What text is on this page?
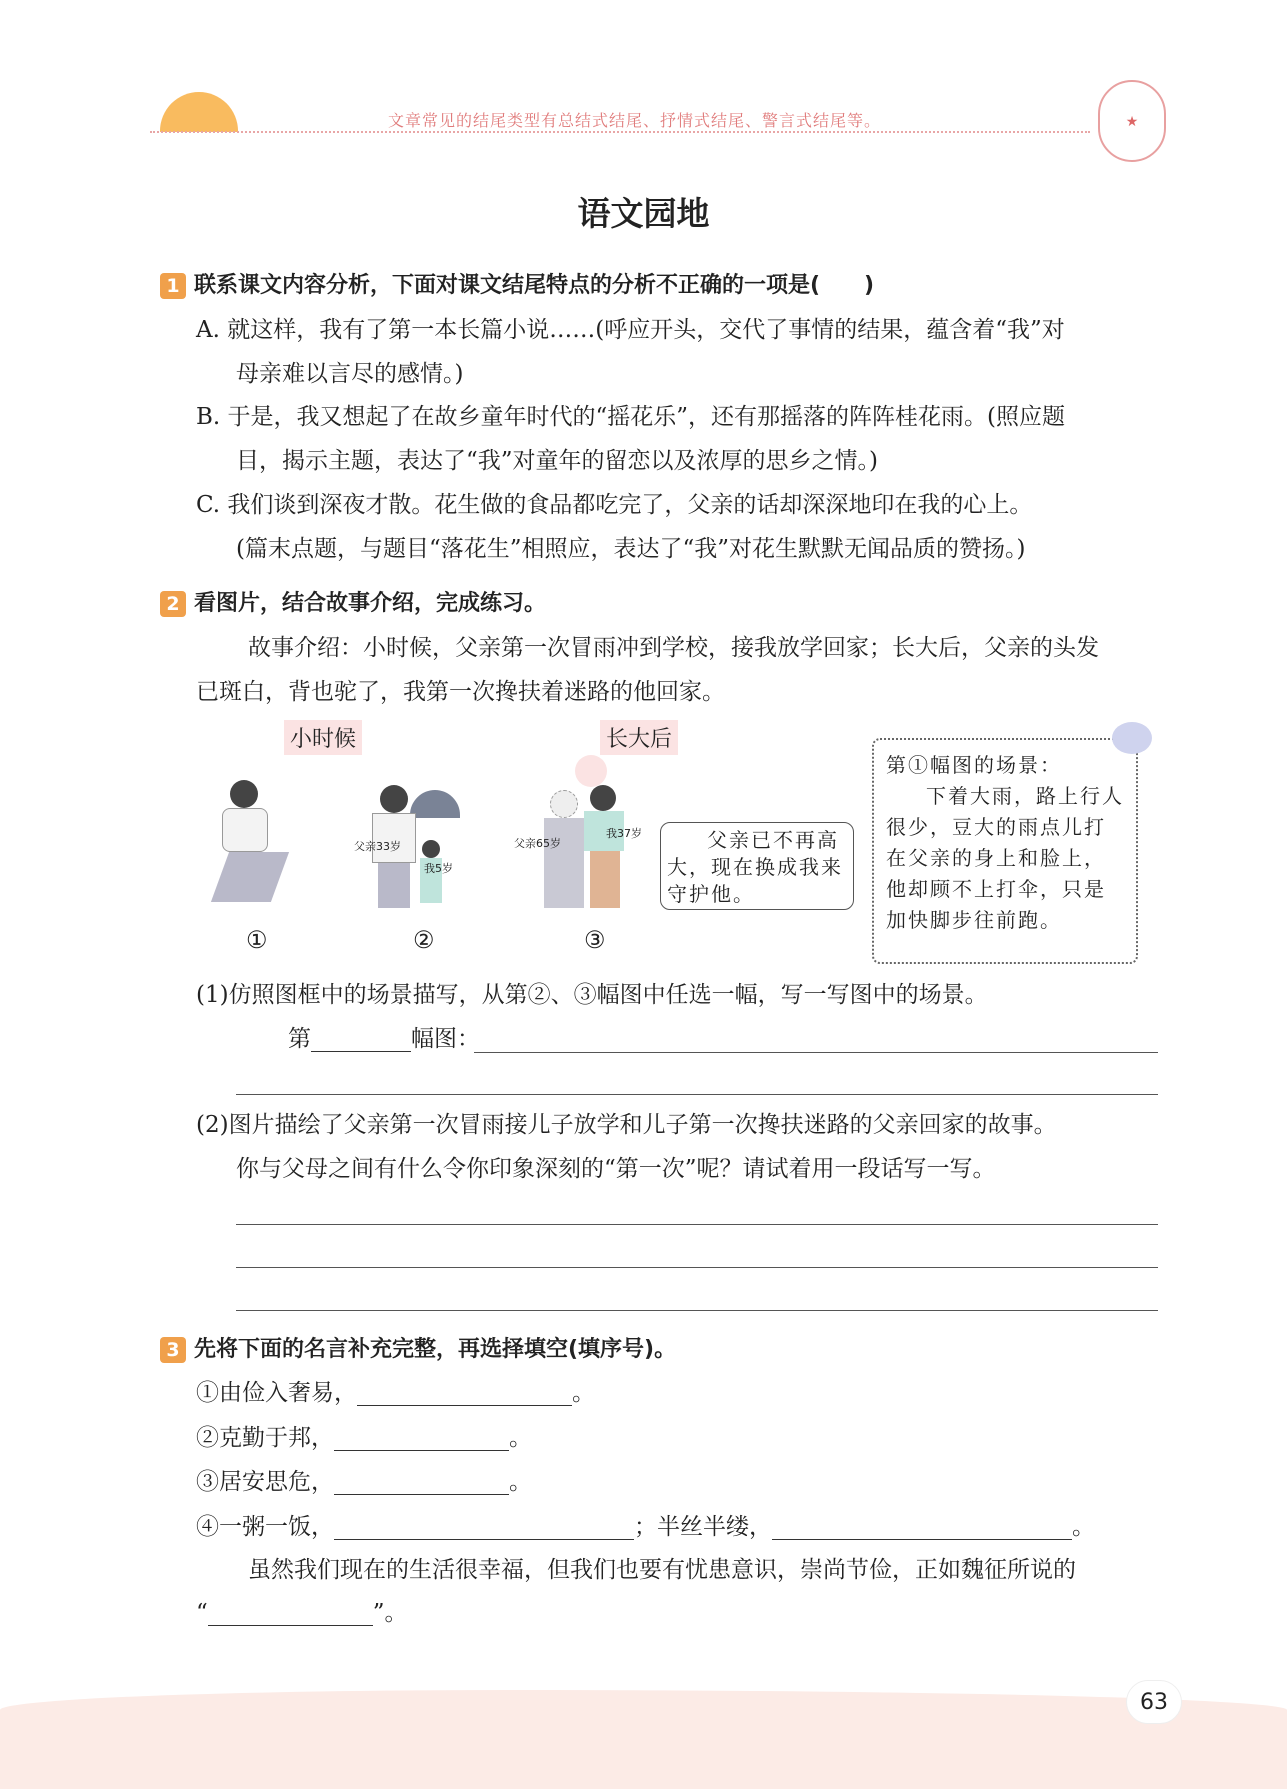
文章常见的结尾类型有总结式结尾、抒情式结尾、警言式结尾等。	★
语文园地
1 联系课文内容分析，下面对课文结尾特点的分析不正确的一项是(　　)
A. 就这样，我有了第一本长篇小说……(呼应开头，交代了事情的结果，蕴含着“我”对
母亲难以言尽的感情。)
B. 于是，我又想起了在故乡童年时代的“摇花乐”，还有那摇落的阵阵桂花雨。(照应题
目，揭示主题，表达了“我”对童年的留恋以及浓厚的思乡之情。)
C. 我们谈到深夜才散。花生做的食品都吃完了，父亲的话却深深地印在我的心上。
(篇末点题，与题目“落花生”相照应，表达了“我”对花生默默无闻品质的赞扬。)
2 看图片，结合故事介绍，完成练习。
故事介绍：小时候，父亲第一次冒雨冲到学校，接我放学回家；长大后，父亲的头发
已斑白，背也驼了，我第一次搀扶着迷路的他回家。
小时候	长大后
父亲33岁
我5岁
父亲65岁
我37岁
①	②	③
父亲已不再高大，现在换成我来守护他。
第①幅图的场景：
下着大雨，路上行人很少，豆大的雨点儿打在父亲的身上和脸上，他却顾不上打伞，只是加快脚步往前跑。
(1)仿照图框中的场景描写，从第②、③幅图中任选一幅，写一写图中的场景。
第	幅图：
(2)图片描绘了父亲第一次冒雨接儿子放学和儿子第一次搀扶迷路的父亲回家的故事。
你与父母之间有什么令你印象深刻的“第一次”呢？请试着用一段话写一写。
3 先将下面的名言补充完整，再选择填空(填序号)。
①由俭入奢易，	。
②克勤于邦，	。
③居安思危，	。
④一粥一饭，	；半丝半缕，	。
虽然我们现在的生活很幸福，但我们也要有忧患意识，崇尚节俭，正如魏征所说的
“	”。
63
